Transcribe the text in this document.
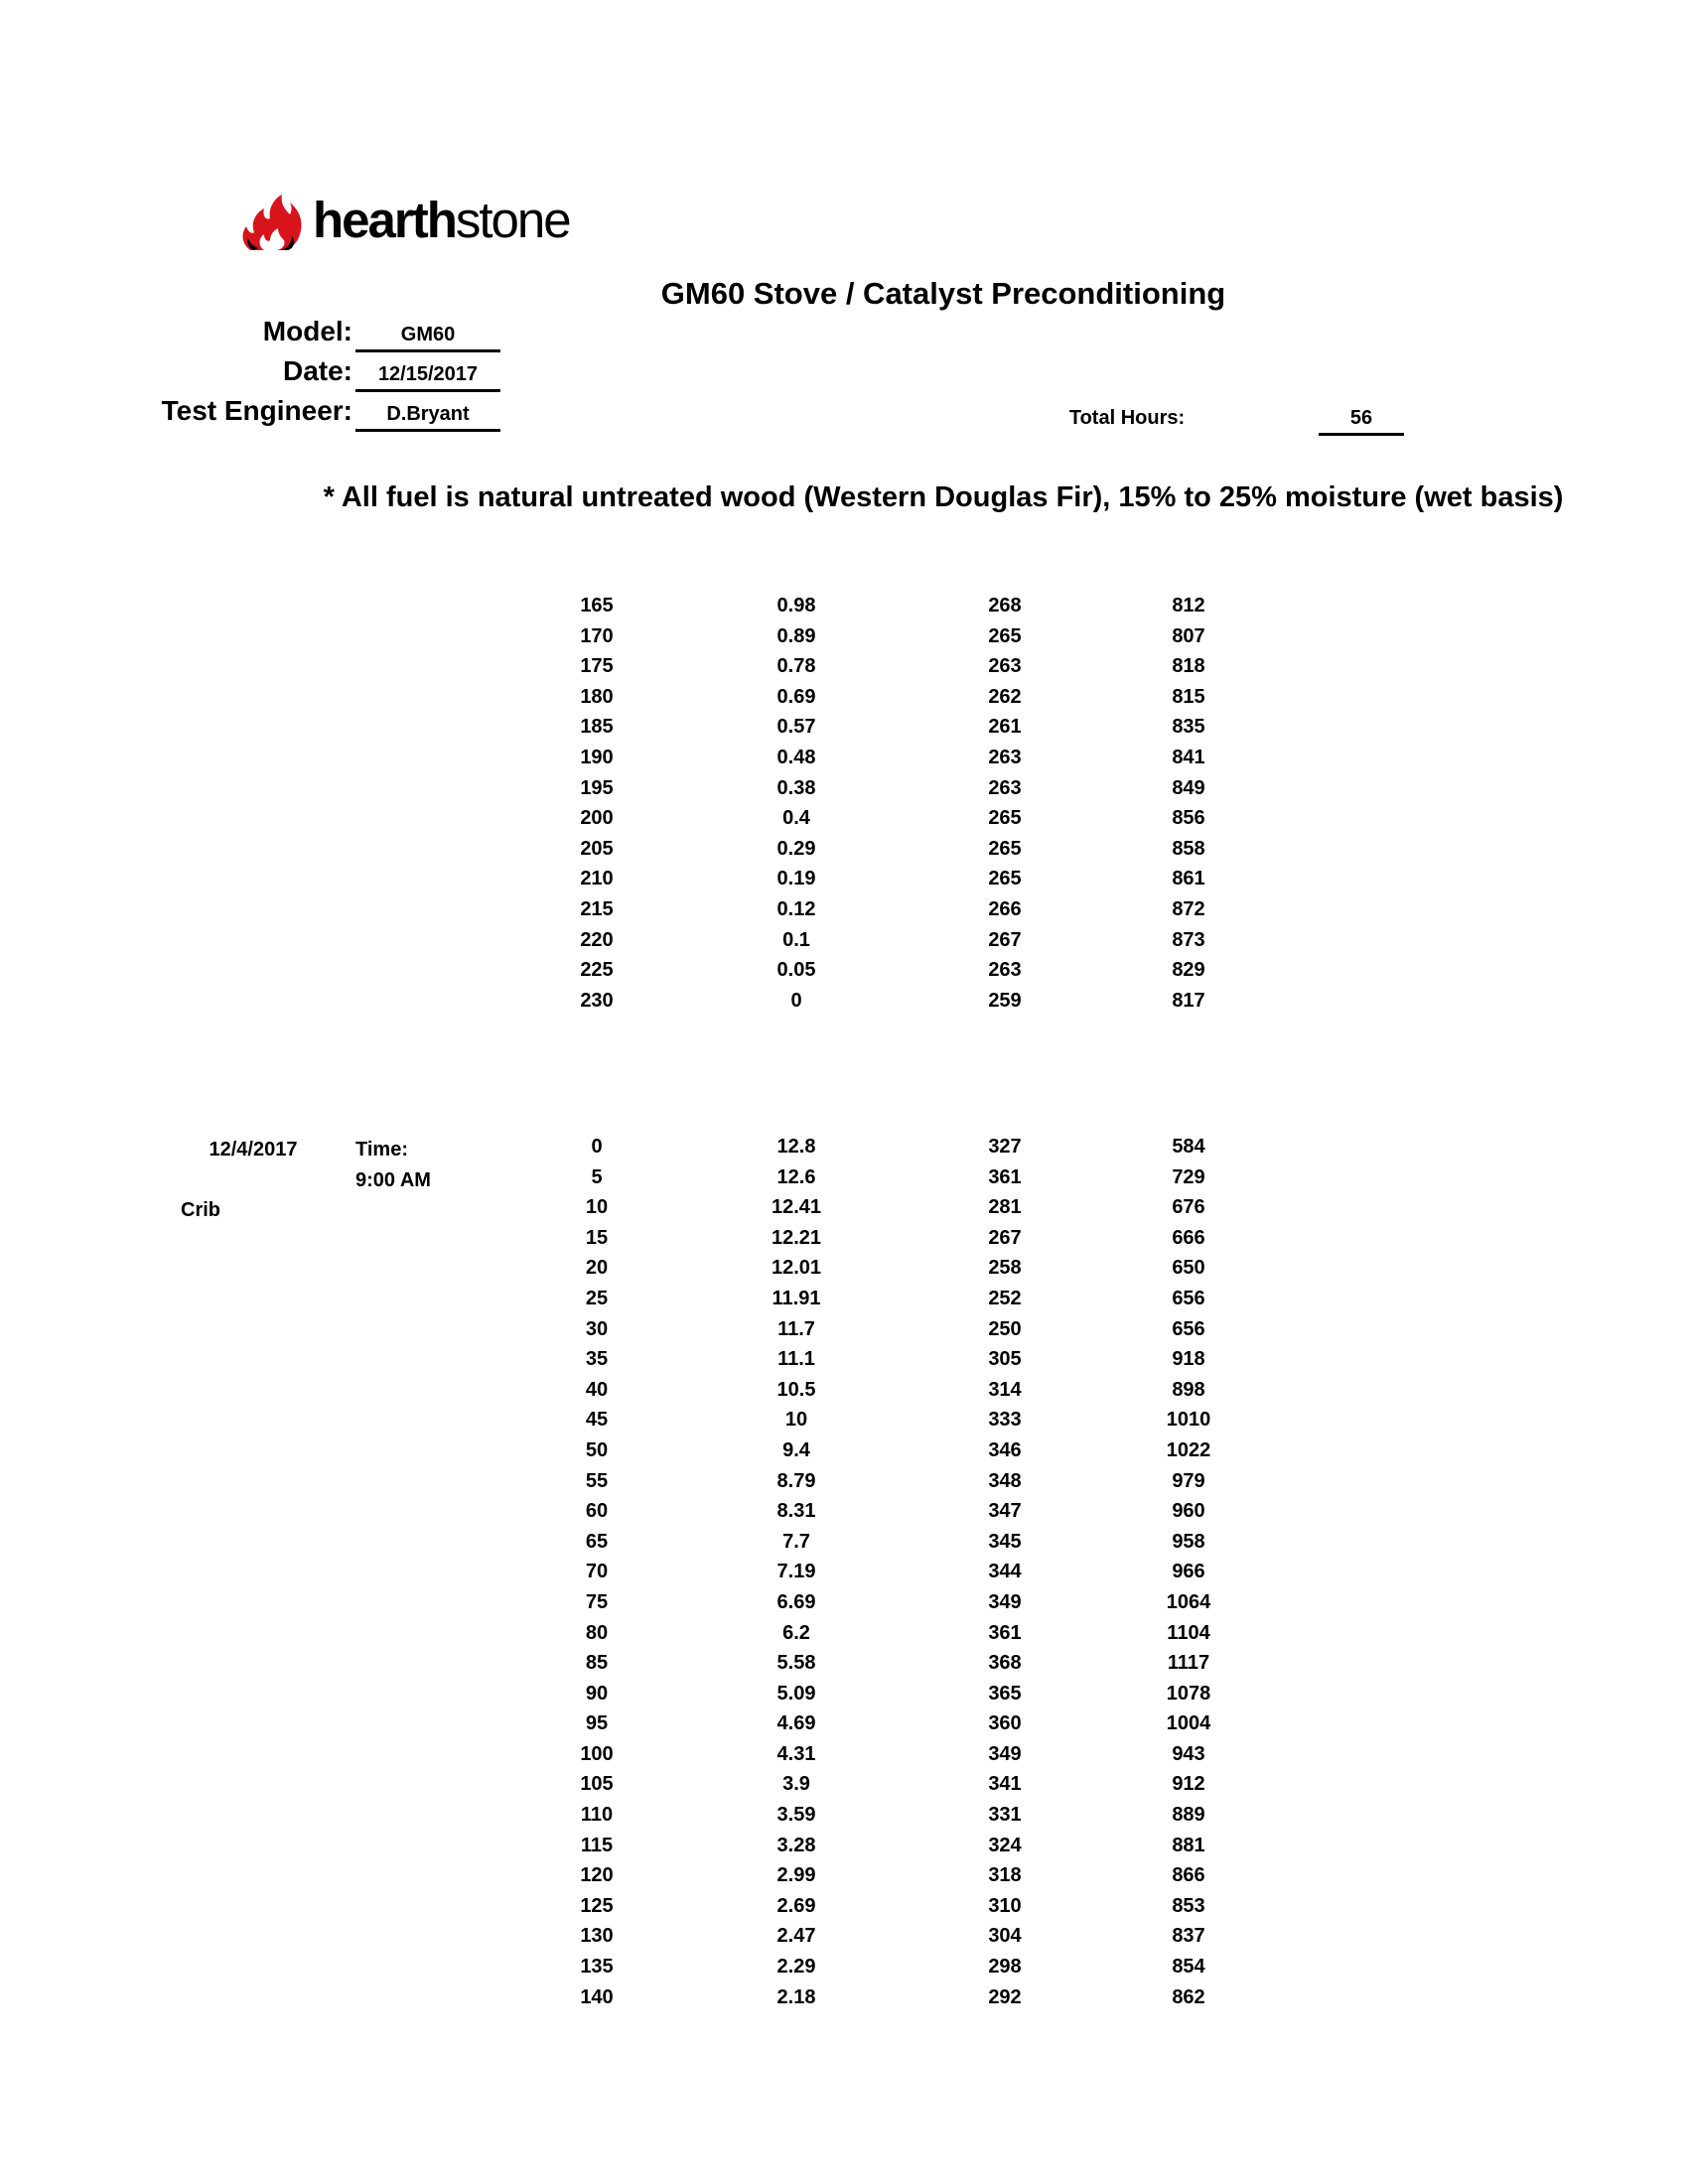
hearthstone
GM60 Stove / Catalyst Preconditioning
Model:	GM60
Date:	12/15/2017
Test Engineer:	D.Bryant	Total Hours:	56
* All fuel is natural untreated wood (Western Douglas Fir), 15% to 25% moisture (wet basis)
165	0.98	268	812
170	0.89	265	807
175	0.78	263	818
180	0.69	262	815
185	0.57	261	835
190	0.48	263	841
195	0.38	263	849
200	0.4	265	856
205	0.29	265	858
210	0.19	265	861
215	0.12	266	872
220	0.1	267	873
225	0.05	263	829
230	0	259	817
12/4/2017	Time:
9:00 AM
Crib
0	12.8	327	584
5	12.6	361	729
10	12.41	281	676
15	12.21	267	666
20	12.01	258	650
25	11.91	252	656
30	11.7	250	656
35	11.1	305	918
40	10.5	314	898
45	10	333	1010
50	9.4	346	1022
55	8.79	348	979
60	8.31	347	960
65	7.7	345	958
70	7.19	344	966
75	6.69	349	1064
80	6.2	361	1104
85	5.58	368	1117
90	5.09	365	1078
95	4.69	360	1004
100	4.31	349	943
105	3.9	341	912
110	3.59	331	889
115	3.28	324	881
120	2.99	318	866
125	2.69	310	853
130	2.47	304	837
135	2.29	298	854
140	2.18	292	862
